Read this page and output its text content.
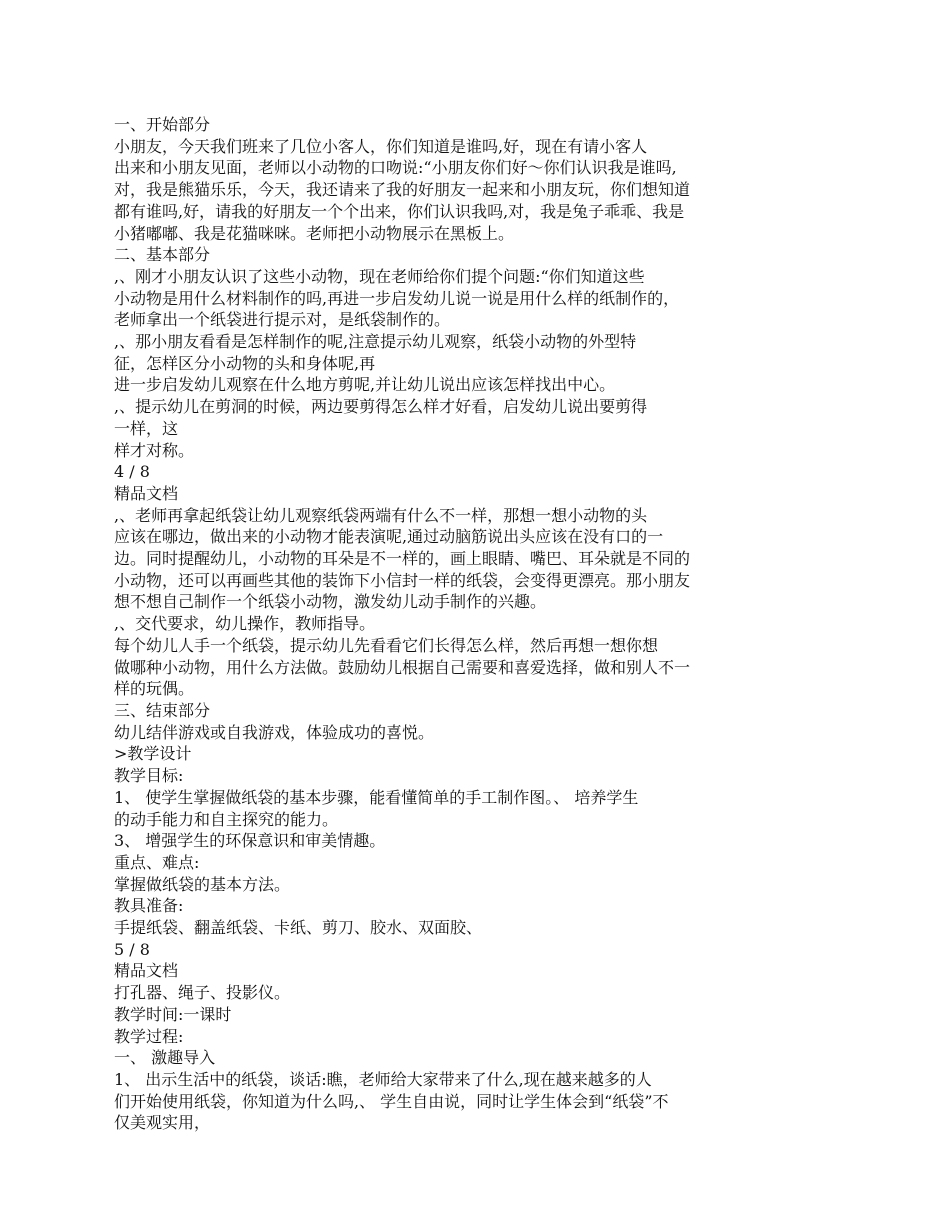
一、开始部分
小朋友，今天我们班来了几位小客人，你们知道是谁吗,好，现在有请小客人
出来和小朋友见面，老师以小动物的口吻说:“小朋友你们好～你们认识我是谁吗,
对，我是熊猫乐乐，今天，我还请来了我的好朋友一起来和小朋友玩，你们想知道
都有谁吗,好，请我的好朋友一个个出来，你们认识我吗,对，我是兔子乖乖、我是
小猪嘟嘟、我是花猫咪咪。老师把小动物展示在黑板上。
二、基本部分
,、刚才小朋友认识了这些小动物，现在老师给你们提个问题:“你们知道这些
小动物是用什么材料制作的吗,再进一步启发幼儿说一说是用什么样的纸制作的，
老师拿出一个纸袋进行提示对，是纸袋制作的。
,、那小朋友看看是怎样制作的呢,注意提示幼儿观察，纸袋小动物的外型特
征，怎样区分小动物的头和身体呢,再
进一步启发幼儿观察在什么地方剪呢,并让幼儿说出应该怎样找出中心。
,、提示幼儿在剪洞的时候，两边要剪得怎么样才好看，启发幼儿说出要剪得
一样，这
样才对称。
4 / 8
精品文档
,、老师再拿起纸袋让幼儿观察纸袋两端有什么不一样，那想一想小动物的头
应该在哪边，做出来的小动物才能表演呢,通过动脑筋说出头应该在没有口的一
边。同时提醒幼儿，小动物的耳朵是不一样的，画上眼睛、嘴巴、耳朵就是不同的
小动物，还可以再画些其他的装饰下小信封一样的纸袋，会变得更漂亮。那小朋友
想不想自己制作一个纸袋小动物，激发幼儿动手制作的兴趣。
,、交代要求，幼儿操作，教师指导。
每个幼儿人手一个纸袋，提示幼儿先看看它们长得怎么样，然后再想一想你想
做哪种小动物，用什么方法做。鼓励幼儿根据自己需要和喜爱选择，做和别人不一
样的玩偶。
三、结束部分
幼儿结伴游戏或自我游戏，体验成功的喜悦。
>教学设计
教学目标:
1、 使学生掌握做纸袋的基本步骤，能看懂简单的手工制作图。、 培养学生
的动手能力和自主探究的能力。
3、 增强学生的环保意识和审美情趣。
重点、难点:
掌握做纸袋的基本方法。
教具准备:
手提纸袋、翻盖纸袋、卡纸、剪刀、胶水、双面胶、
5 / 8
精品文档
打孔器、绳子、投影仪。
教学时间:一课时
教学过程:
一、 激趣导入
1、 出示生活中的纸袋，谈话:瞧，老师给大家带来了什么,现在越来越多的人
们开始使用纸袋，你知道为什么吗,、 学生自由说，同时让学生体会到“纸袋”不
仅美观实用，
